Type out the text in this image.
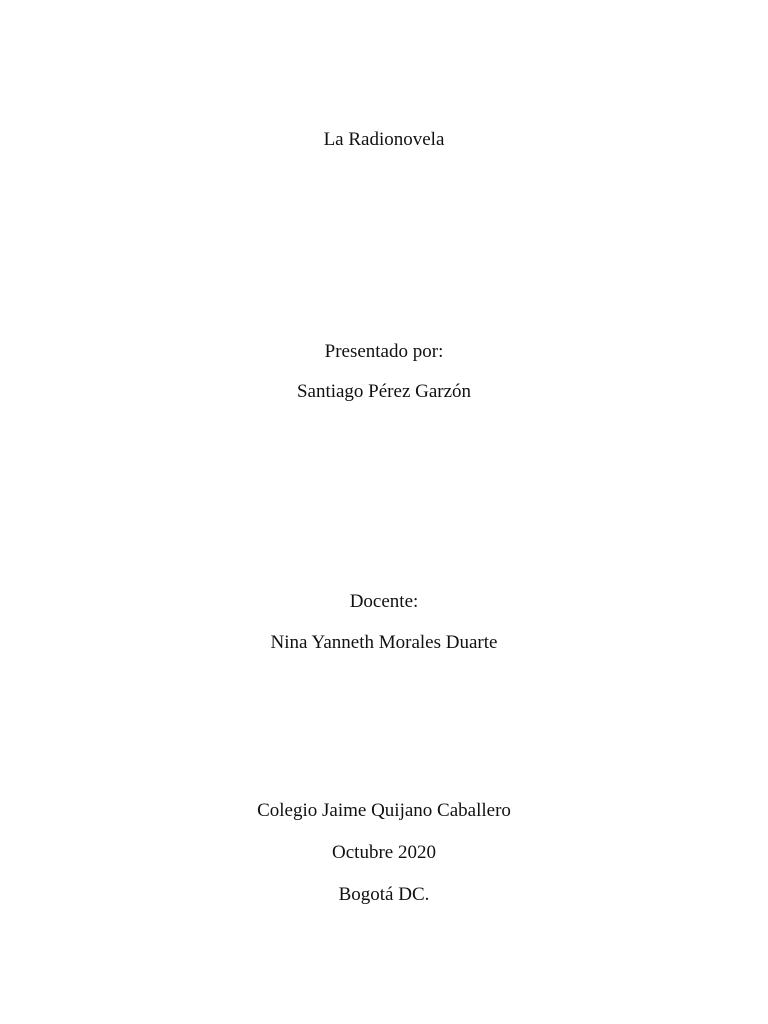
La Radionovela
Presentado por:
Santiago Pérez Garzón
Docente:
Nina Yanneth Morales Duarte
Colegio Jaime Quijano Caballero
Octubre 2020
Bogotá DC.
